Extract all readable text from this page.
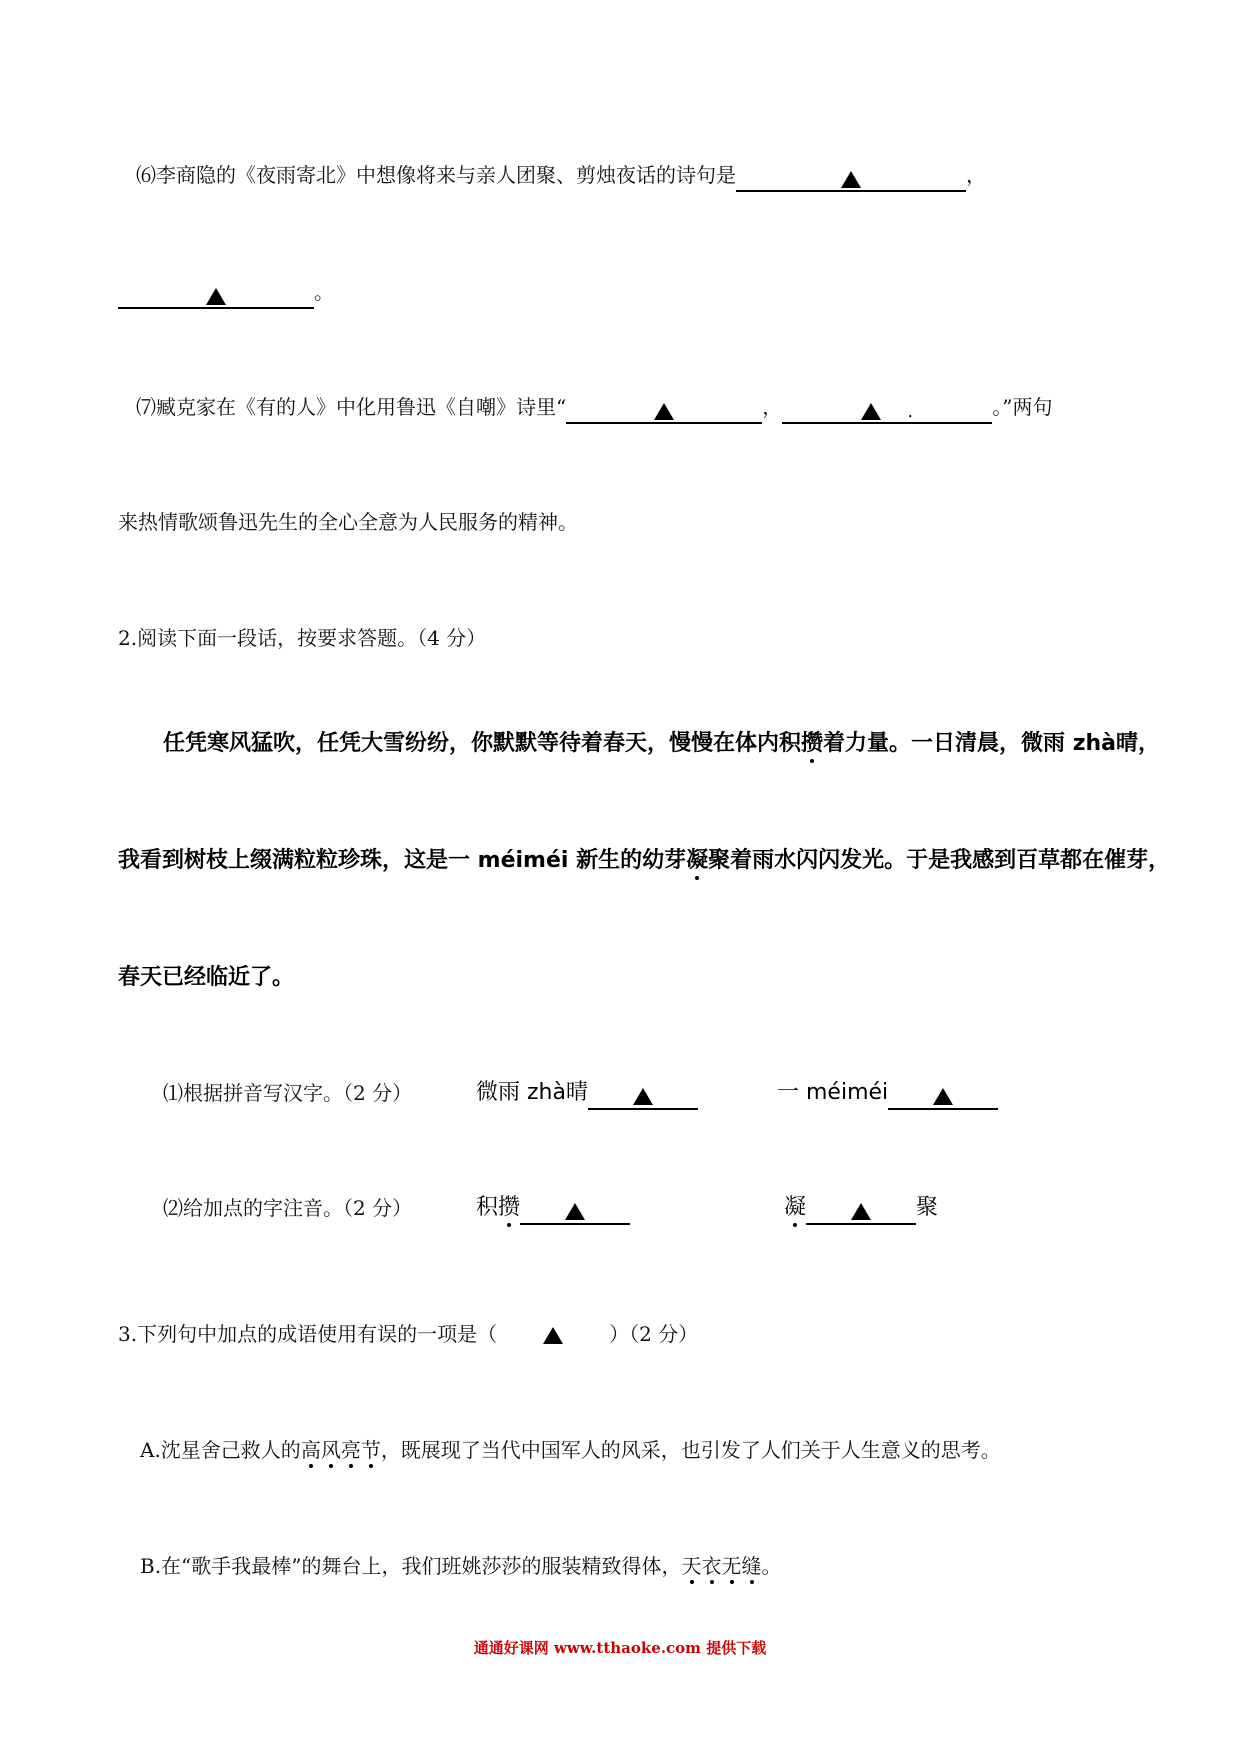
⑹李商隐的《夜雨寄北》中想像将来与亲人团聚、剪烛夜话的诗句是	，
。
⑺臧克家在《有的人》中化用鲁迅《自嘲》诗里“	，	.	。”两句
来热情歌颂鲁迅先生的全心全意为人民服务的精神。
2.阅读下面一段话，按要求答题。（4 分）
任凭寒风猛吹，任凭大雪纷纷，你默默等待着春天，慢慢在体内积攒着力量。一日清晨，微雨 zhà晴，
我看到树枝上缀满粒粒珍珠，这是一 méiméi 新生的幼芽凝聚着雨水闪闪发光。于是我感到百草都在催芽，
春天已经临近了。
⑴根据拼音写汉字。（2 分）	微雨 zhà晴	一 méiméi
⑵给加点的字注音。（2 分）	积攒	凝	聚
3.下列句中加点的成语使用有误的一项是（	）（2 分）
A.沈星舍己救人的高风亮节，既展现了当代中国军人的风采，也引发了人们关于人生意义的思考。
B.在“歌手我最棒”的舞台上，我们班姚莎莎的服装精致得体，天衣无缝。
通通好课网 www.tthaoke.com 提供下载
